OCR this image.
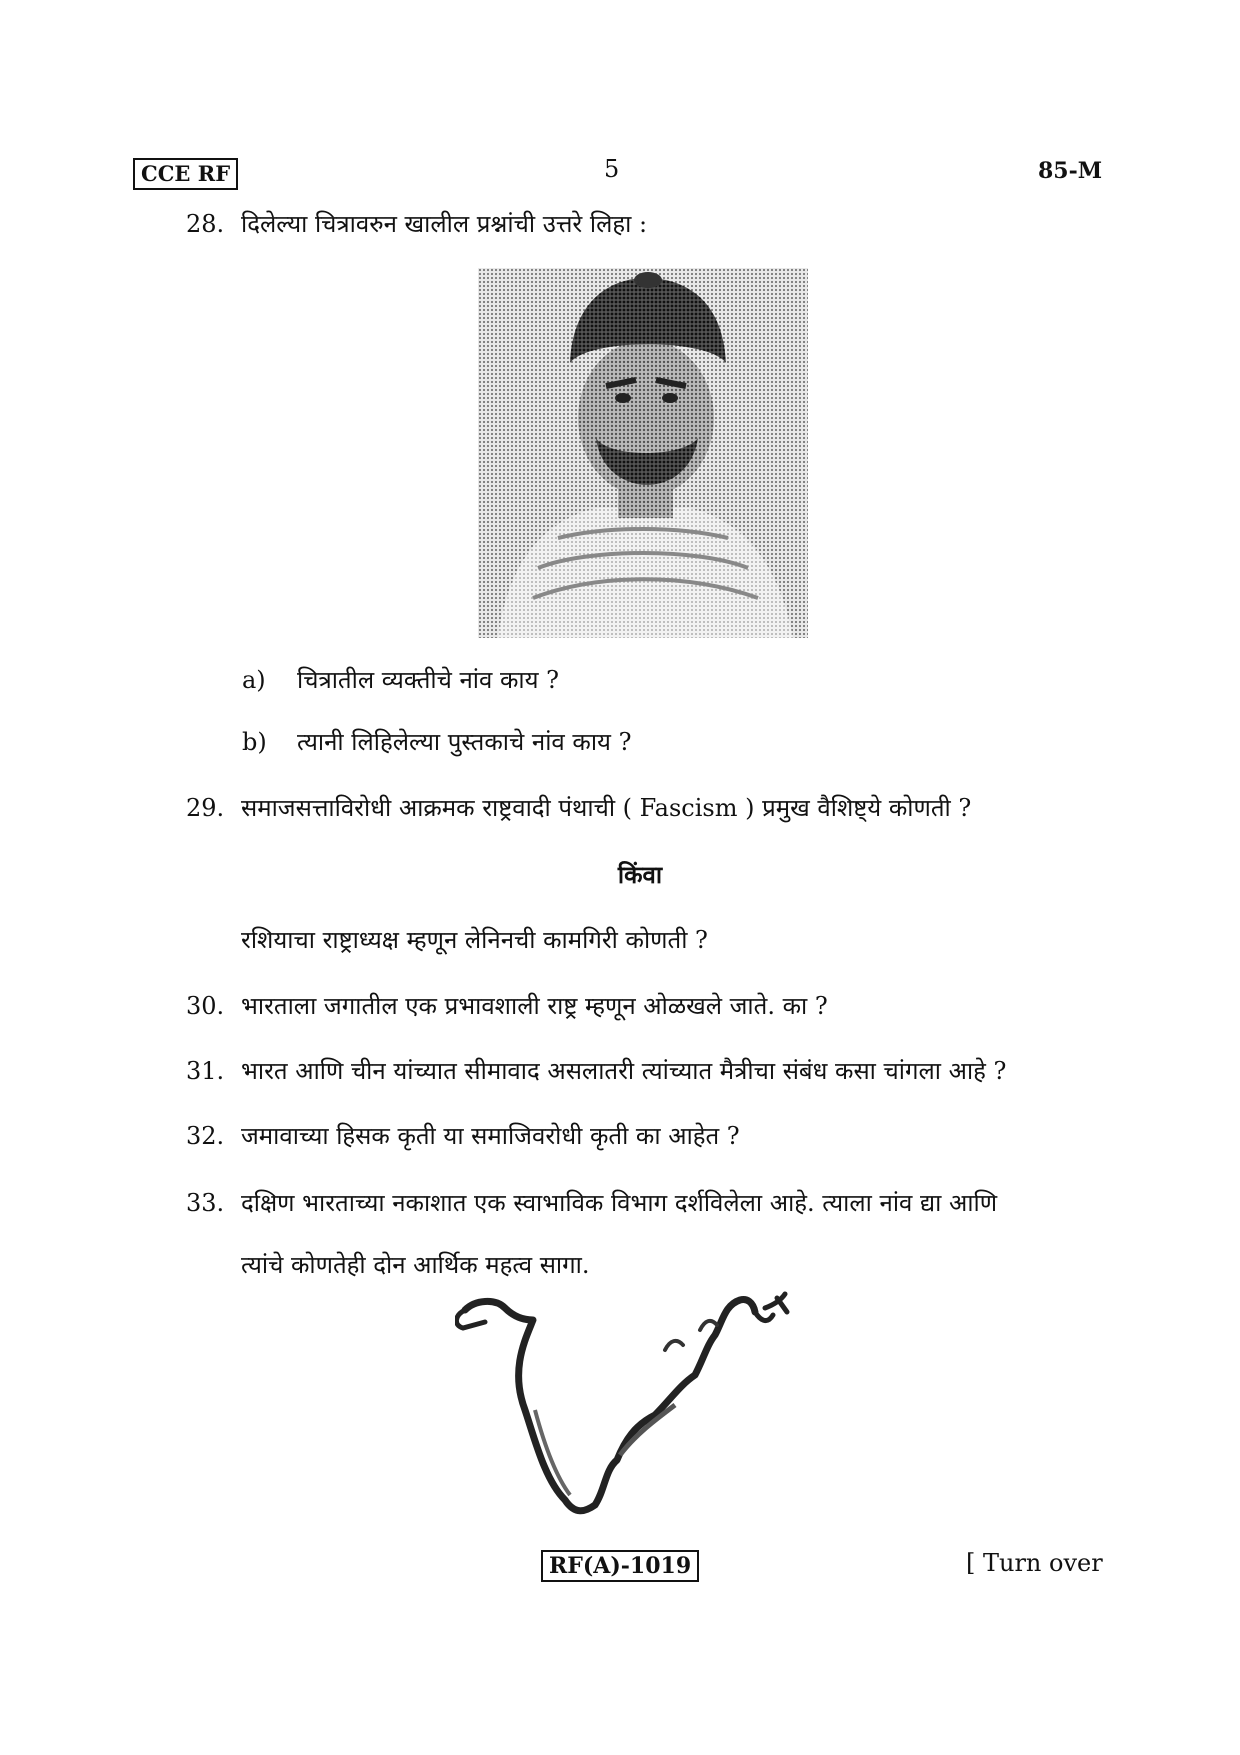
CCE RF	5	85-M
28. दिलेल्या चित्रावरुन खालील प्रश्नांची उत्तरे लिहा :
a) चित्रातील व्यक्तीचे नांव काय ?
b) त्यानी लिहिलेल्या पुस्तकाचे नांव काय ?
29. समाजसत्ताविरोधी आक्रमक राष्ट्रवादी पंथाची ( Fascism ) प्रमुख वैशिष्ट्ये कोणती ?
किंवा
रशियाचा राष्ट्राध्यक्ष म्हणून लेनिनची कामगिरी कोणती ?
30. भारताला जगातील एक प्रभावशाली राष्ट्र म्हणून ओळखले जाते. का ?
31. भारत आणि चीन यांच्यात सीमावाद असलातरी त्यांच्यात मैत्रीचा संबंध कसा चांगला आहे ?
32. जमावाच्या हिसक कृती या समाजिवरोधी कृती का आहेत ?
33. दक्षिण भारताच्या नकाशात एक स्वाभाविक विभाग दर्शविलेला आहे. त्याला नांव द्या आणि
त्यांचे कोणतेही दोन आर्थिक महत्व सागा.
RF(A)-1019	[ Turn over
